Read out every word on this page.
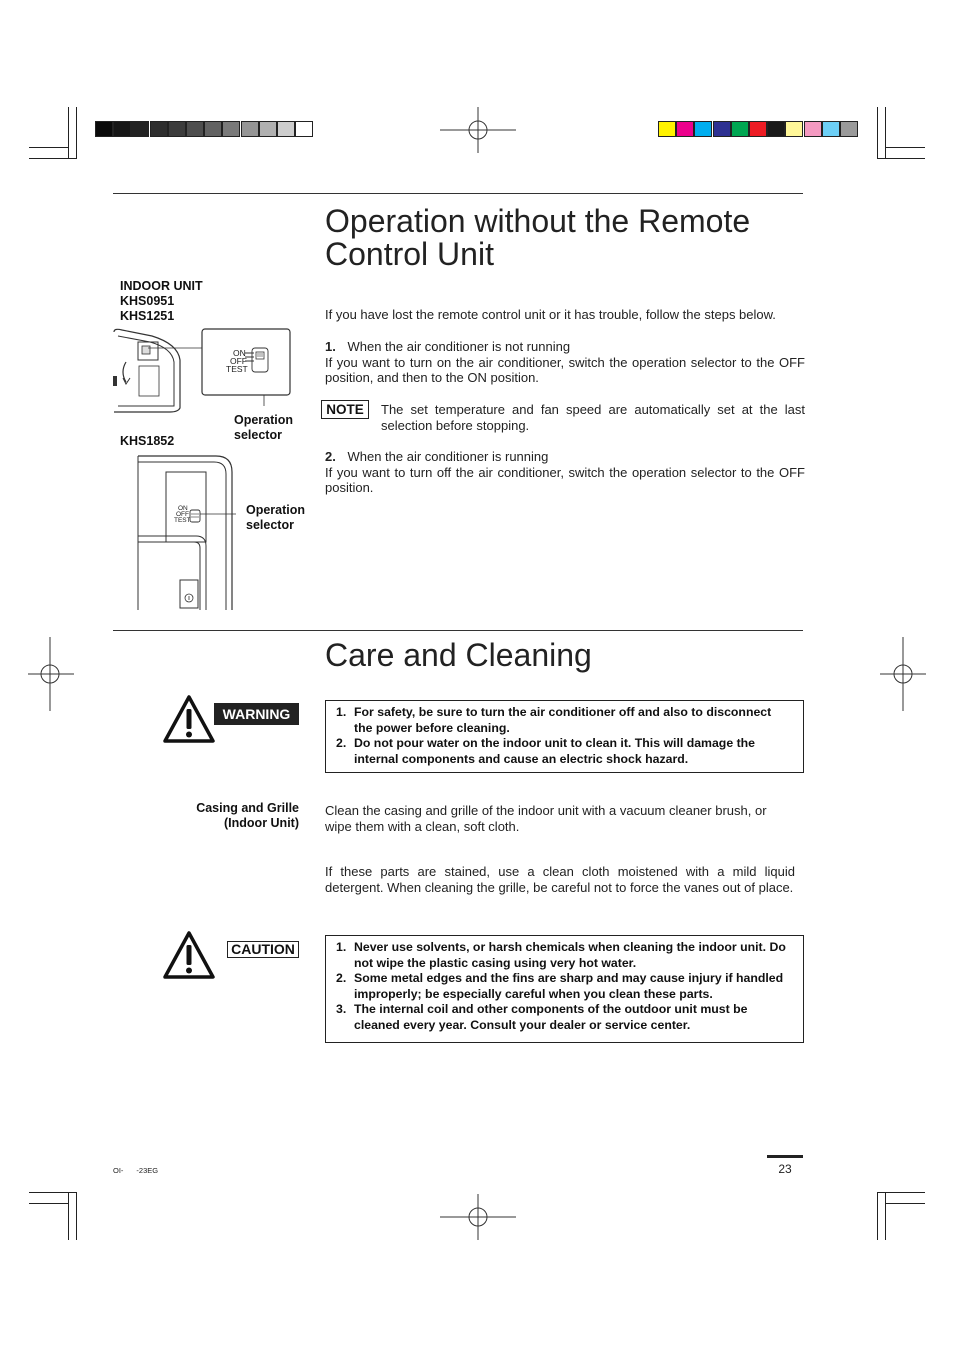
Operation without the Remote Control Unit
If you have lost the remote control unit or it has trouble, follow the steps below.
1. When the air conditioner is not running
If you want to turn on the air conditioner, switch the operation selector to the OFF position, and then to the ON position.
NOTE	The set temperature and fan speed are automatically set at the last selection before stopping.
2. When the air conditioner is running
If you want to turn off the air conditioner, switch the operation selector to the OFF position.
INDOOR UNIT
KHS0951
KHS1251
ON
OFF
TEST
Operation
selector
KHS1852
ON
OFF
TEST
Operation
selector
Care and Cleaning
WARNING	1. For safety, be sure to turn the air conditioner off and also to disconnect the power before cleaning.
2. Do not pour water on the indoor unit to clean it. This will damage the internal components and cause an electric shock hazard.
Casing and Grille
(Indoor Unit)
Clean the casing and grille of the indoor unit with a vacuum cleaner brush, or wipe them with a clean, soft cloth.
If these parts are stained, use a clean cloth moistened with a mild liquid detergent. When cleaning the grille, be careful not to force the vanes out of place.
CAUTION	1. Never use solvents, or harsh chemicals when cleaning the indoor unit. Do not wipe the plastic casing using very hot water.
2. Some metal edges and the fins are sharp and may cause injury if handled improperly; be especially careful when you clean these parts.
3. The internal coil and other components of the outdoor unit must be cleaned every year. Consult your dealer or service center.
23
OI- -23EG
